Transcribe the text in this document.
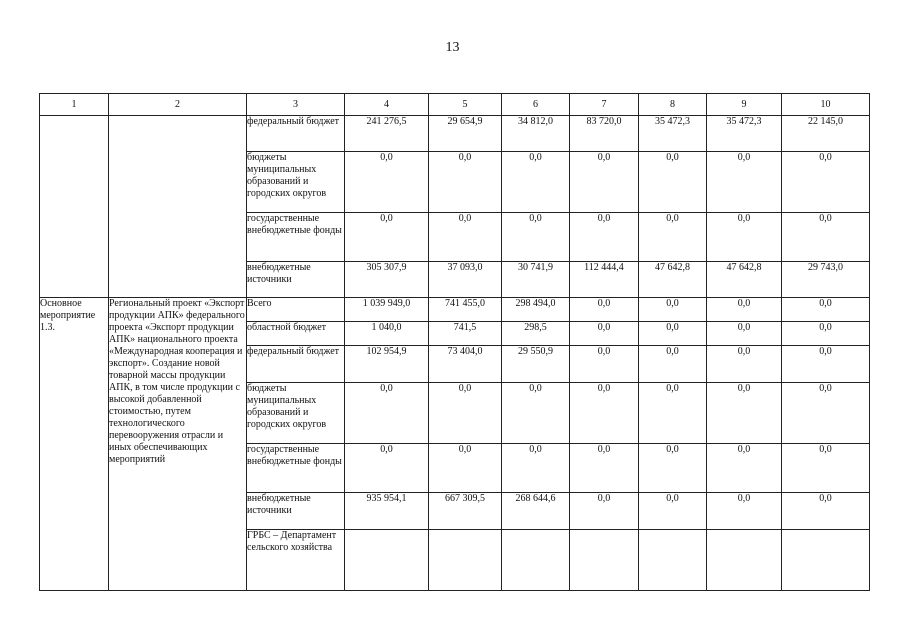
13
1	2	3	4	5	6	7	8	9	10
		федеральный бюджет	241 276,5	29 654,9	34 812,0	83 720,0	35 472,3	35 472,3	22 145,0
		бюджеты муниципальных образований и городских округов	0,0	0,0	0,0	0,0	0,0	0,0	0,0
		государственные внебюджетные фонды	0,0	0,0	0,0	0,0	0,0	0,0	0,0
		внебюджетные источники	305 307,9	37 093,0	30 741,9	112 444,4	47 642,8	47 642,8	29 743,0
Основное мероприятие 1.3.	Региональный проект «Экспорт продукции АПК» федерального проекта «Экспорт продукции АПК» национального проекта «Международная кооперация и экспорт». Создание новой товарной массы продукции АПК, в том числе продукции с высокой добавленной стоимостью, путем технологического перевооружения отрасли и иных обеспечивающих мероприятий	Всего	1 039 949,0	741 455,0	298 494,0	0,0	0,0	0,0	0,0
		областной бюджет	1 040,0	741,5	298,5	0,0	0,0	0,0	0,0
		федеральный бюджет	102 954,9	73 404,0	29 550,9	0,0	0,0	0,0	0,0
		бюджеты муниципальных образований и городских округов	0,0	0,0	0,0	0,0	0,0	0,0	0,0
		государственные внебюджетные фонды	0,0	0,0	0,0	0,0	0,0	0,0	0,0
		внебюджетные источники	935 954,1	667 309,5	268 644,6	0,0	0,0	0,0	0,0
		ГРБС – Департамент сельского хозяйства							
